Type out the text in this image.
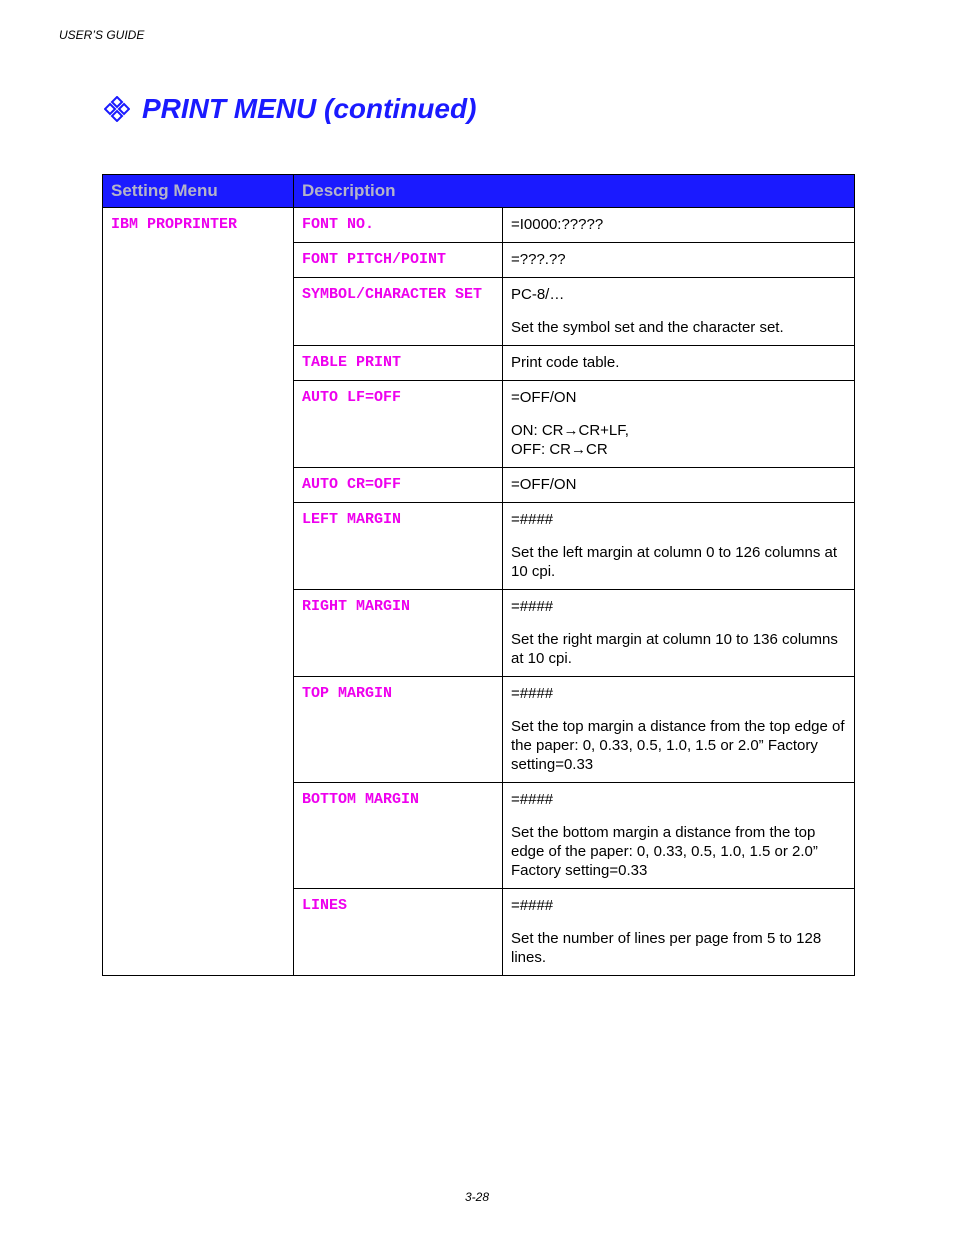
USER’S GUIDE
PRINT MENU (continued)
Setting Menu	Description	
IBM PROPRINTER	FONT NO.	=I0000:?????

	FONT PITCH/POINT	=???.??

	SYMBOL/CHARACTER SET	PC-8/…

Set the symbol set and the character set.

	TABLE PRINT	Print code table.

	AUTO LF=OFF	=OFF/ON

ON: CR→CR+LF,
OFF: CR→CR

	AUTO CR=OFF	=OFF/ON

	LEFT MARGIN	=####

Set the left margin at column 0 to 126 columns at 10 cpi.

	RIGHT MARGIN	=####

Set the right margin at column 10 to 136 columns at 10 cpi.

	TOP MARGIN	=####

Set the top margin a distance from the top edge of the paper: 0, 0.33, 0.5, 1.0, 1.5 or 2.0” Factory setting=0.33

	BOTTOM MARGIN	=####

Set the bottom margin a distance from the top edge of the paper: 0, 0.33, 0.5, 1.0, 1.5 or 2.0” Factory setting=0.33

	LINES	=####

Set the number of lines per page from 5 to 128 lines.

3-28
